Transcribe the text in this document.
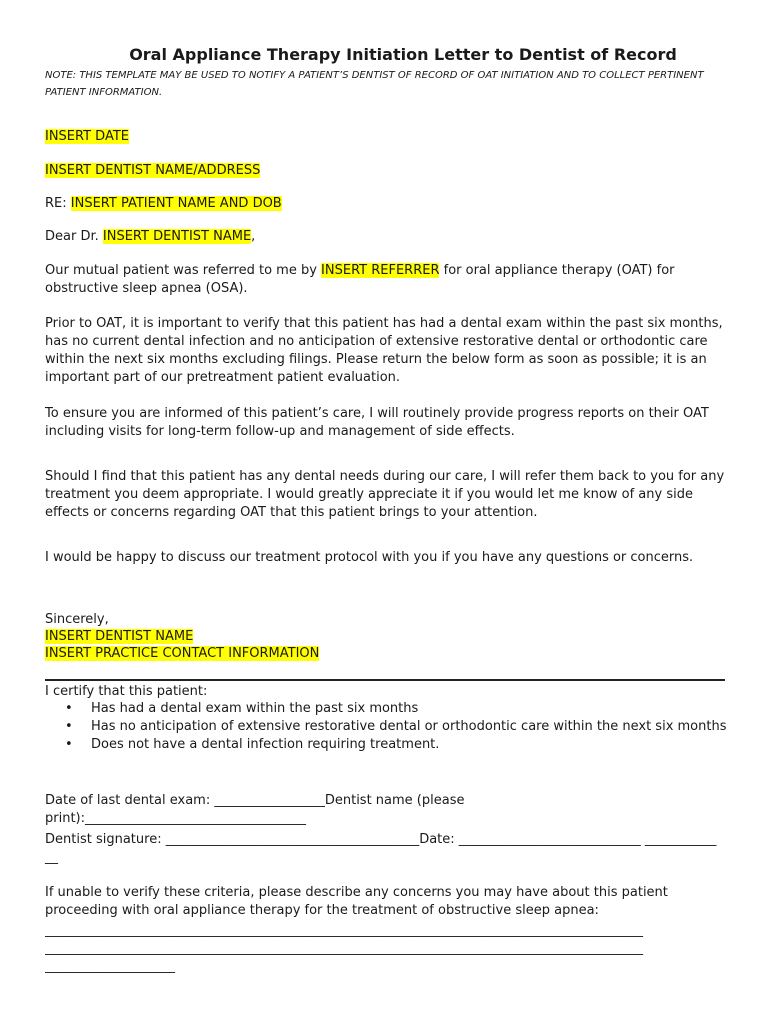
Oral Appliance Therapy Initiation Letter to Dentist of Record
NOTE: THIS TEMPLATE MAY BE USED TO NOTIFY A PATIENT’S DENTIST OF RECORD OF OAT INITIATION AND TO COLLECT PERTINENT PATIENT INFORMATION.
INSERT DATE
INSERT DENTIST NAME/ADDRESS
RE: INSERT PATIENT NAME AND DOB
Dear Dr. INSERT DENTIST NAME,
Our mutual patient was referred to me by INSERT REFERRER for oral appliance therapy (OAT) for obstructive sleep apnea (OSA).
Prior to OAT, it is important to verify that this patient has had a dental exam within the past six months, has no current dental infection and no anticipation of extensive restorative dental or orthodontic care within the next six months excluding filings. Please return the below form as soon as possible; it is an important part of our pretreatment patient evaluation.
To ensure you are informed of this patient’s care, I will routinely provide progress reports on their OAT including visits for long-term follow-up and management of side effects.
Should I find that this patient has any dental needs during our care, I will refer them back to you for any treatment you deem appropriate. I would greatly appreciate it if you would let me know of any side effects or concerns regarding OAT that this patient brings to your attention.
I would be happy to discuss our treatment protocol with you if you have any questions or concerns.
Sincerely,
INSERT DENTIST NAME
INSERT PRACTICE CONTACT INFORMATION
I certify that this patient:
• Has had a dental exam within the past six months
• Has no anticipation of extensive restorative dental or orthodontic care within the next six months
• Does not have a dental infection requiring treatment.
Date of last dental exam: _________________Dentist name (please print):__________________________________
Dentist signature: _______________________________________Date: ____________________________ _____________
If unable to verify these criteria, please describe any concerns you may have about this patient proceeding with oral appliance therapy for the treatment of obstructive sleep apnea:
____________________________________________________________________________________________
____________________________________________________________________________________________
____________________
